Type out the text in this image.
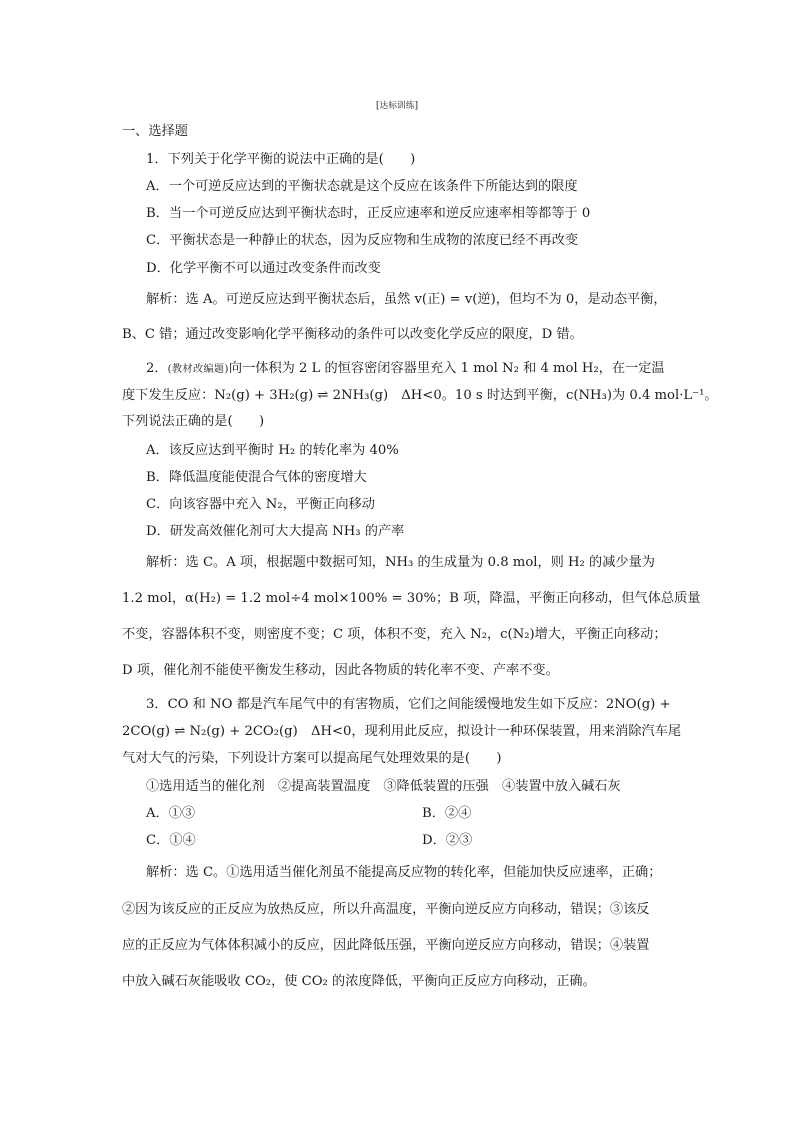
[达标训练]
一、选择题
1．下列关于化学平衡的说法中正确的是(　　)
A．一个可逆反应达到的平衡状态就是这个反应在该条件下所能达到的限度
B．当一个可逆反应达到平衡状态时，正反应速率和逆反应速率相等都等于 0
C．平衡状态是一种静止的状态，因为反应物和生成物的浓度已经不再改变
D．化学平衡不可以通过改变条件而改变
解析：选 A。可逆反应达到平衡状态后，虽然 v(正) = v(逆)，但均不为 0，是动态平衡，
B、C 错；通过改变影响化学平衡移动的条件可以改变化学反应的限度，D 错。
2．(教材改编题)向一体积为 2 L 的恒容密闭容器里充入 1 mol N₂ 和 4 mol H₂，在一定温
度下发生反应：N₂(g) + 3H₂(g) ⇌ 2NH₃(g)　ΔH<0。10 s 时达到平衡，c(NH₃)为 0.4 mol·L⁻¹。
下列说法正确的是(　　)
A．该反应达到平衡时 H₂ 的转化率为 40%
B．降低温度能使混合气体的密度增大
C．向该容器中充入 N₂，平衡正向移动
D．研发高效催化剂可大大提高 NH₃ 的产率
解析：选 C。A 项，根据题中数据可知，NH₃ 的生成量为 0.8 mol，则 H₂ 的减少量为
1.2 mol，α(H₂) = 1.2 mol÷4 mol×100% = 30%；B 项，降温，平衡正向移动，但气体总质量
不变，容器体积不变，则密度不变；C 项，体积不变，充入 N₂，c(N₂)增大，平衡正向移动；
D 项，催化剂不能使平衡发生移动，因此各物质的转化率不变、产率不变。
3．CO 和 NO 都是汽车尾气中的有害物质，它们之间能缓慢地发生如下反应：2NO(g) +
2CO(g) ⇌ N₂(g) + 2CO₂(g)　ΔH<0，现利用此反应，拟设计一种环保装置，用来消除汽车尾
气对大气的污染，下列设计方案可以提高尾气处理效果的是(　　)
①选用适当的催化剂　②提高装置温度　③降低装置的压强　④装置中放入碱石灰
A．①③	B．②④
C．①④	D．②③
解析：选 C。①选用适当催化剂虽不能提高反应物的转化率，但能加快反应速率，正确；
②因为该反应的正反应为放热反应，所以升高温度，平衡向逆反应方向移动，错误；③该反
应的正反应为气体体积减小的反应，因此降低压强，平衡向逆反应方向移动，错误；④装置
中放入碱石灰能吸收 CO₂，使 CO₂ 的浓度降低，平衡向正反应方向移动，正确。
